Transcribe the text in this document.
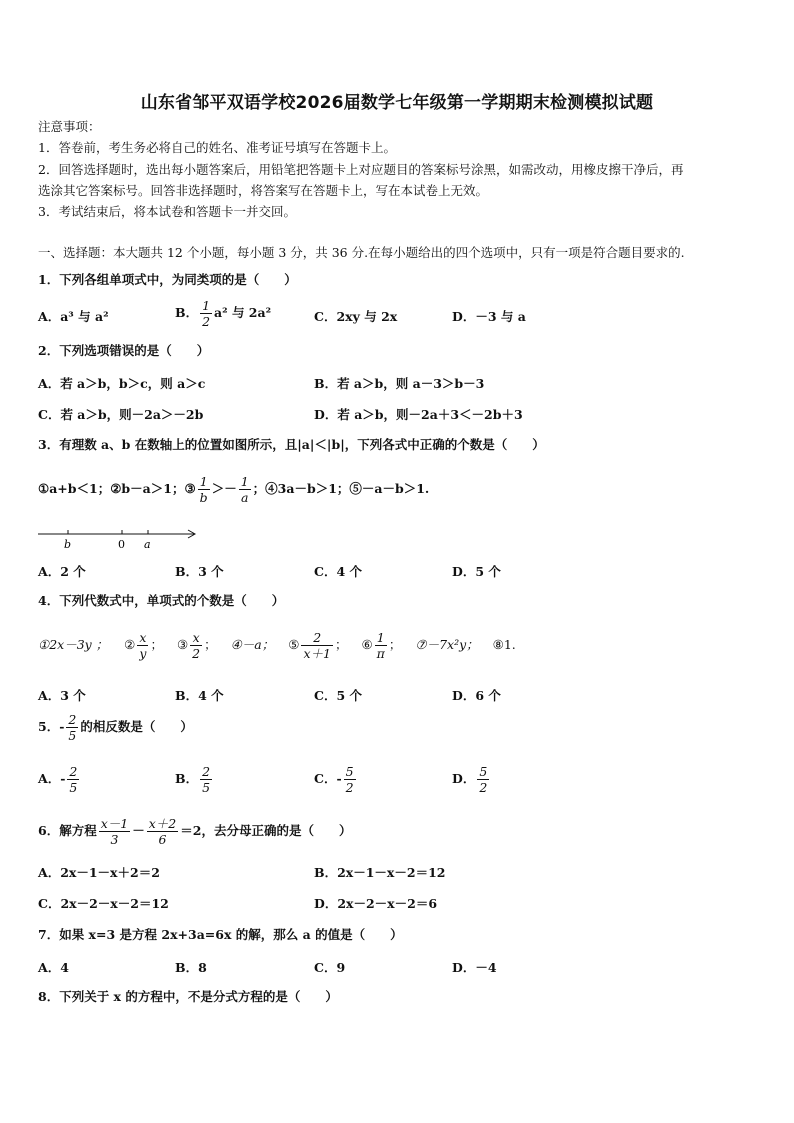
山东省邹平双语学校2026届数学七年级第一学期期末检测模拟试题
注意事项：
1．答卷前，考生务必将自己的姓名、准考证号填写在答题卡上。
2．回答选择题时，选出每小题答案后，用铅笔把答题卡上对应题目的答案标号涂黑，如需改动，用橡皮擦干净后，再
选涂其它答案标号。回答非选择题时，将答案写在答题卡上，写在本试卷上无效。
3．考试结束后，将本试卷和答题卡一并交回。
一、选择题：本大题共 12 个小题，每小题 3 分，共 36 分.在每小题给出的四个选项中，只有一项是符合题目要求的.
1．下列各组单项式中，为同类项的是（　　）
A．a³ 与 a²	B． $\frac{1}{2} a^2$ 与 2a²	C．2xy 与 2x	D．－3 与 a
2．下列选项错误的是（　　）
A．若 a＞b，b＞c，则 a＞c	B．若 a＞b，则 a－3＞b－3
C．若 a＞b，则－2a＞－2b	D．若 a＞b，则－2a＋3＜－2b＋3
3．有理数 a、b 在数轴上的位置如图所示，且|a|＜|b|，下列各式中正确的个数是（　　）
①a+b＜1；②b－a＞1；③ $\frac{1}{b} >- \frac{1}{a}$ ；④3a－b＞1；⑤－a－b＞1.
b	0 a
A．2 个	B．3 个	C．4 个	D．5 个
4．下列代数式中，单项式的个数是（　　）
①2x－3y ； ② $\frac{x}{y}$ ； ③ $\frac{x}{2}$ ； ④－a； ⑤ $\frac{2}{x+1}$ ； ⑥ $\frac{1}{\pi}$ ； ⑦－7x²y； ⑧1.
A．3 个	B．4 个	C．5 个	D．6 个
5．- $\frac{2}{5}$ 的相反数是（　　）
A．- $\frac{2}{5}$	B． $\frac{2}{5}$	C．- $\frac{5}{2}$	D． $\frac{5}{2}$
6．解方程 $\frac{x-1}{3} - \frac{x+2}{6} =2$，去分母正确的是（　　）
A．2x－1－x＋2＝2	B．2x－1－x－2＝12
C．2x－2－x－2＝12	D．2x－2－x－2＝6
7．如果 x=3 是方程 2x+3a=6x 的解，那么 a 的值是（　　）
A．4	B．8	C．9	D．－4
8．下列关于 x 的方程中，不是分式方程的是（　　）
